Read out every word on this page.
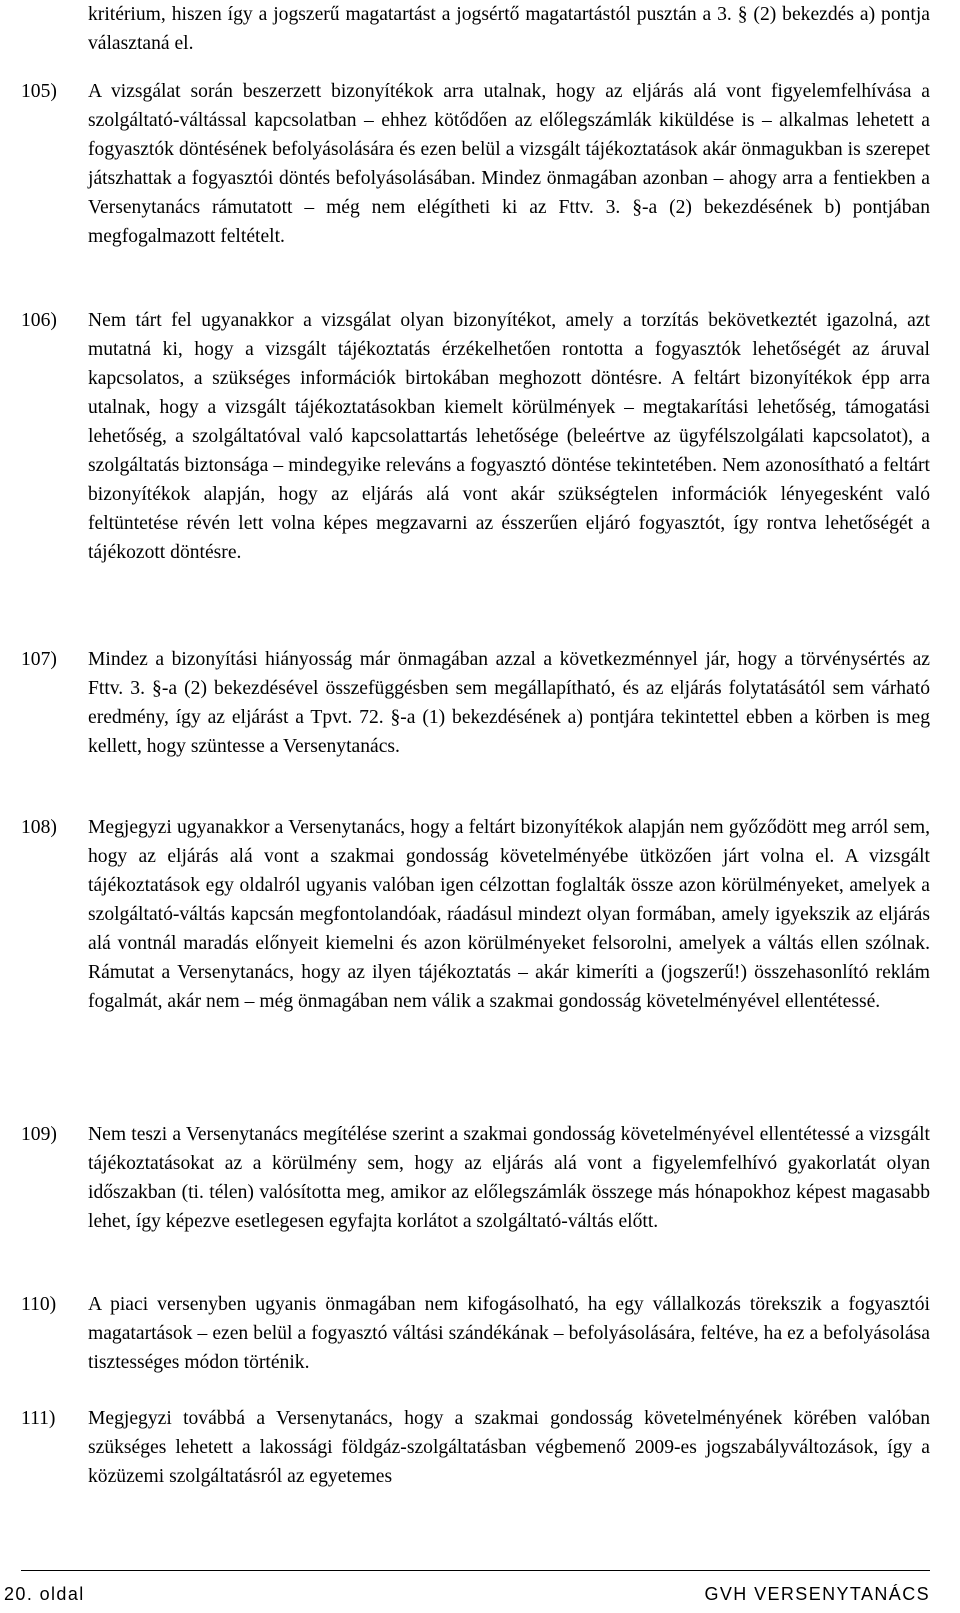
kritérium, hiszen így a jogszerű magatartást a jogsértő magatartástól pusztán a 3. § (2) bekezdés a) pontja választaná el.
105)	A vizsgálat során beszerzett bizonyítékok arra utalnak, hogy az eljárás alá vont figyelemfelhívása a szolgáltató-váltással kapcsolatban – ehhez kötődően az előlegszámlák kiküldése is – alkalmas lehetett a fogyasztók döntésének befolyásolására és ezen belül a vizsgált tájékoztatások akár önmagukban is szerepet játszhattak a fogyasztói döntés befolyásolásában. Mindez önmagában azonban – ahogy arra a fentiekben a Versenytanács rámutatott – még nem elégítheti ki az Fttv. 3. §-a (2) bekezdésének b) pontjában megfogalmazott feltételt.
106)	Nem tárt fel ugyanakkor a vizsgálat olyan bizonyítékot, amely a torzítás bekövetkeztét igazolná, azt mutatná ki, hogy a vizsgált tájékoztatás érzékelhetően rontotta a fogyasztók lehetőségét az áruval kapcsolatos, a szükséges információk birtokában meghozott döntésre. A feltárt bizonyítékok épp arra utalnak, hogy a vizsgált tájékoztatásokban kiemelt körülmények – megtakarítási lehetőség, támogatási lehetőség, a szolgáltatóval való kapcsolattartás lehetősége (beleértve az ügyfélszolgálati kapcsolatot), a szolgáltatás biztonsága – mindegyike releváns a fogyasztó döntése tekintetében. Nem azonosítható a feltárt bizonyítékok alapján, hogy az eljárás alá vont akár szükségtelen információk lényegesként való feltüntetése révén lett volna képes megzavarni az ésszerűen eljáró fogyasztót, így rontva lehetőségét a tájékozott döntésre.
107)	Mindez a bizonyítási hiányosság már önmagában azzal a következménnyel jár, hogy a törvénysértés az Fttv. 3. §-a (2) bekezdésével összefüggésben sem megállapítható, és az eljárás folytatásától sem várható eredmény, így az eljárást a Tpvt. 72. §-a (1) bekezdésének a) pontjára tekintettel ebben a körben is meg kellett, hogy szüntesse a Versenytanács.
108)	Megjegyzi ugyanakkor a Versenytanács, hogy a feltárt bizonyítékok alapján nem győződött meg arról sem, hogy az eljárás alá vont a szakmai gondosság követelményébe ütközően járt volna el. A vizsgált tájékoztatások egy oldalról ugyanis valóban igen célzottan foglalták össze azon körülményeket, amelyek a szolgáltató-váltás kapcsán megfontolandóak, ráadásul mindezt olyan formában, amely igyekszik az eljárás alá vontnál maradás előnyeit kiemelni és azon körülményeket felsorolni, amelyek a váltás ellen szólnak. Rámutat a Versenytanács, hogy az ilyen tájékoztatás – akár kimeríti a (jogszerű!) összehasonlító reklám fogalmát, akár nem – még önmagában nem válik a szakmai gondosság követelményével ellentétessé.
109)	Nem teszi a Versenytanács megítélése szerint a szakmai gondosság követelményével ellentétessé a vizsgált tájékoztatásokat az a körülmény sem, hogy az eljárás alá vont a figyelemfelhívó gyakorlatát olyan időszakban (ti. télen) valósította meg, amikor az előlegszámlák összege más hónapokhoz képest magasabb lehet, így képezve esetlegesen egyfajta korlátot a szolgáltató-váltás előtt.
110)	A piaci versenyben ugyanis önmagában nem kifogásolható, ha egy vállalkozás törekszik a fogyasztói magatartások – ezen belül a fogyasztó váltási szándékának – befolyásolására, feltéve, ha ez a befolyásolása tisztességes módon történik.
111)	Megjegyzi továbbá a Versenytanács, hogy a szakmai gondosság követelményének körében valóban szükséges lehetett a lakossági földgáz-szolgáltatásban végbemenő 2009-es jogszabályváltozások, így a közüzemi szolgáltatásról az egyetemes
20. oldal	GVH VERSENYTANÁCS
